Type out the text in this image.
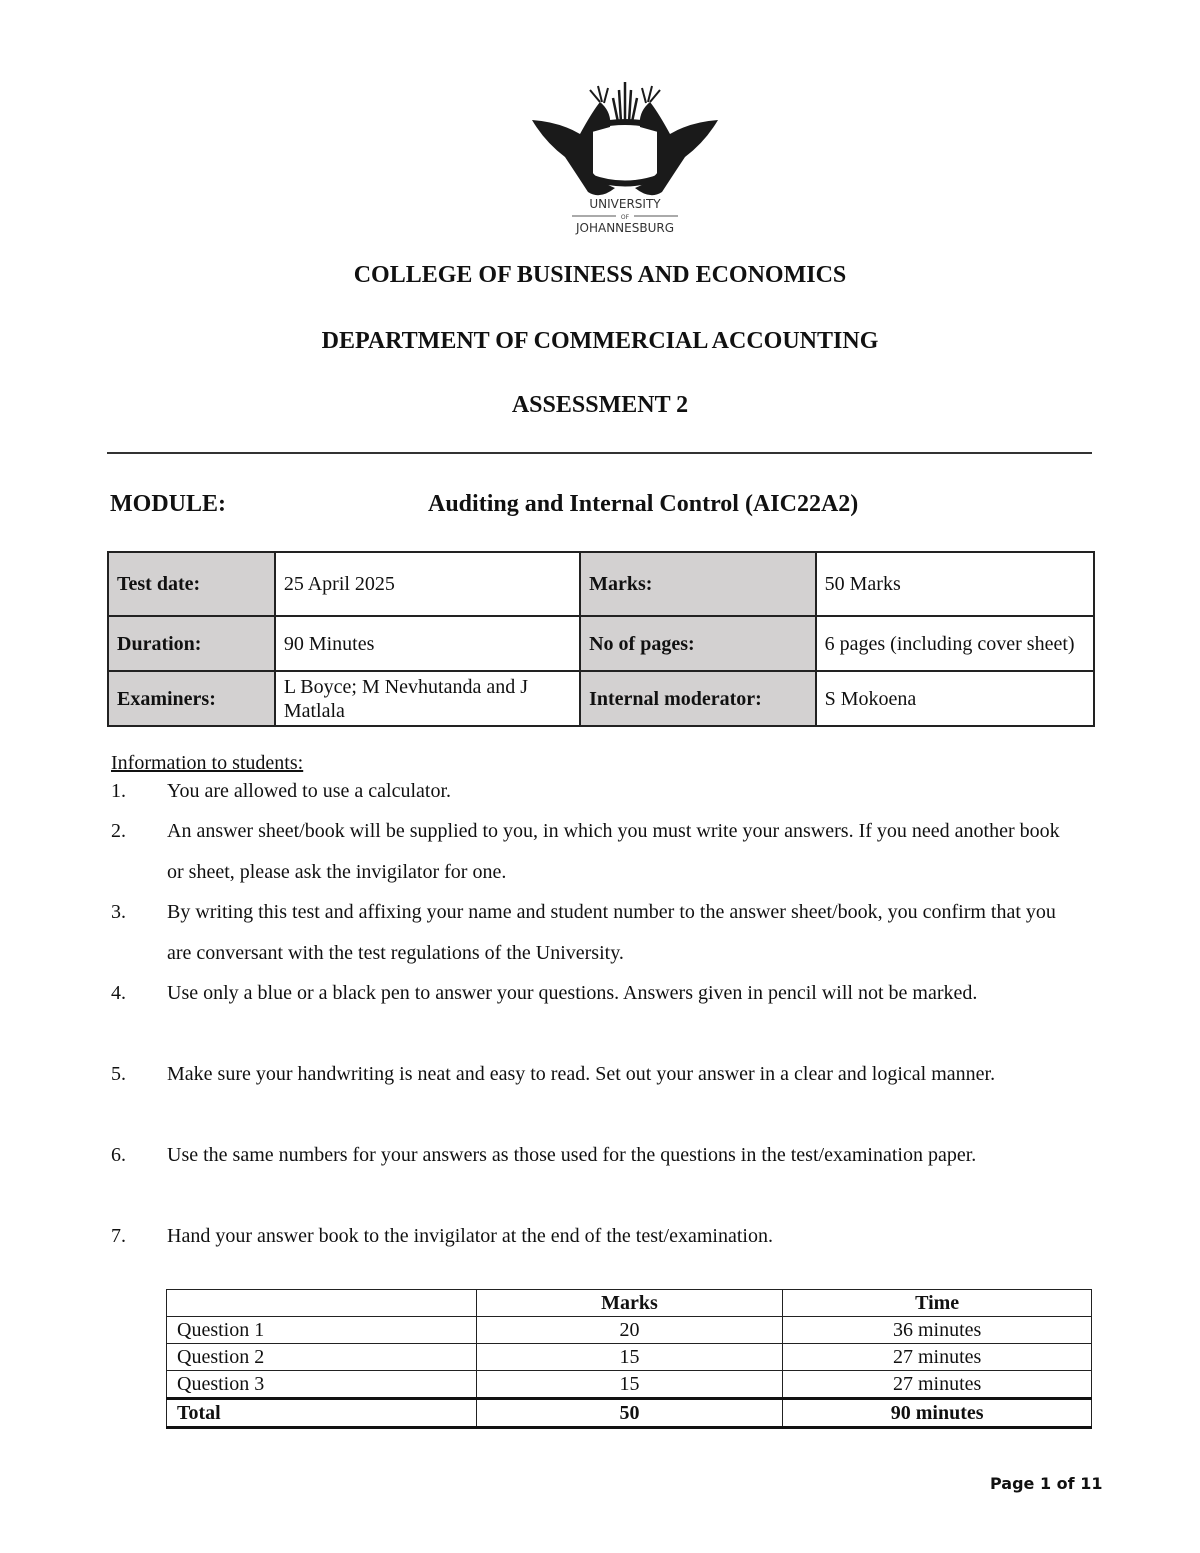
UNIVERSITY
OF
JOHANNESBURG
COLLEGE OF BUSINESS AND ECONOMICS
DEPARTMENT OF COMMERCIAL ACCOUNTING
ASSESSMENT 2
MODULE:	Auditing and Internal Control (AIC22A2)
Test date:	25 April 2025	Marks:	50 Marks
Duration:	90 Minutes	No of pages:	6 pages (including cover sheet)
Examiners:	L Boyce; M Nevhutanda and J Matlala	Internal moderator:	S Mokoena
Information to students:
1. You are allowed to use a calculator.
2. An answer sheet/book will be supplied to you, in which you must write your answers. If you need another book or sheet, please ask the invigilator for one.
3. By writing this test and affixing your name and student number to the answer sheet/book, you confirm that you are conversant with the test regulations of the University.
4. Use only a blue or a black pen to answer your questions. Answers given in pencil will not be marked.
5. Make sure your handwriting is neat and easy to read. Set out your answer in a clear and logical manner.
6. Use the same numbers for your answers as those used for the questions in the test/examination paper.
7. Hand your answer book to the invigilator at the end of the test/examination.
	Marks	Time
Question 1	20	36 minutes
Question 2	15	27 minutes
Question 3	15	27 minutes
Total	50	90 minutes
Page 1 of 11
